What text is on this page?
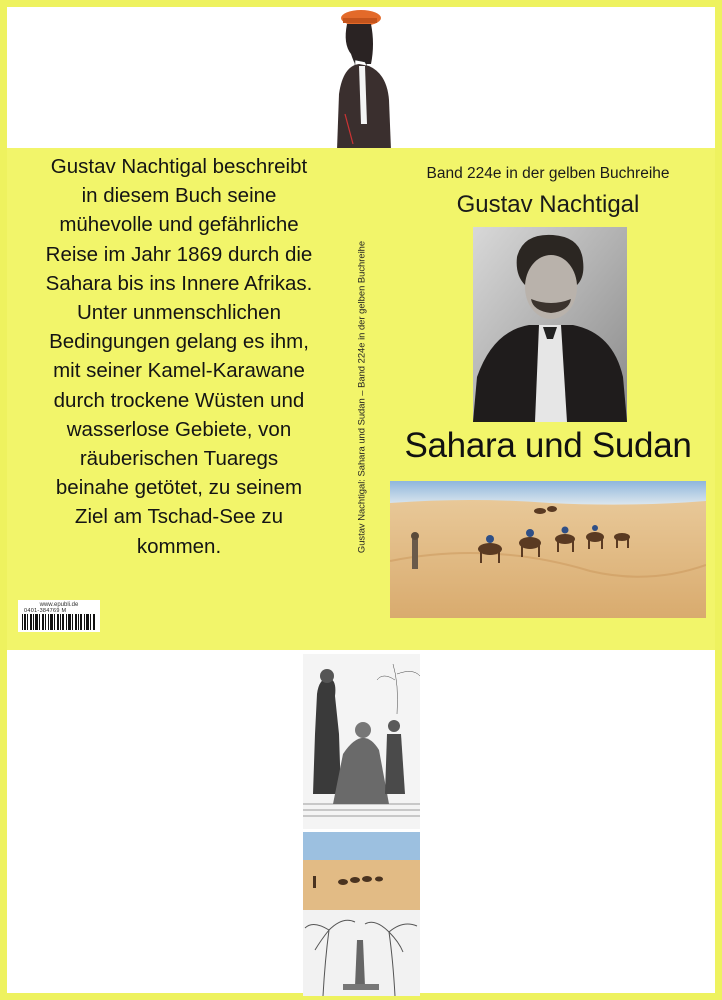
Gustav Nachtigal beschreibt
in diesem Buch seine
mühevolle und gefährliche
Reise im Jahr 1869 durch die
Sahara bis ins Innere Afrikas.
Unter unmenschlichen
Bedingungen gelang es ihm,
mit seiner Kamel-Karawane
durch trockene Wüsten und
wasserlose Gebiete, von
räuberischen Tuaregs
beinahe getötet, zu seinem
Ziel am Tschad-See zu
kommen.

www.epubli.de
0401-384769 M
Gustav Nachtigal: Sahara und Sudan – Band 224e in der gelben Buchreihe
Band 224e in der gelben Buchreihe
Gustav Nachtigal
Sahara und Sudan
